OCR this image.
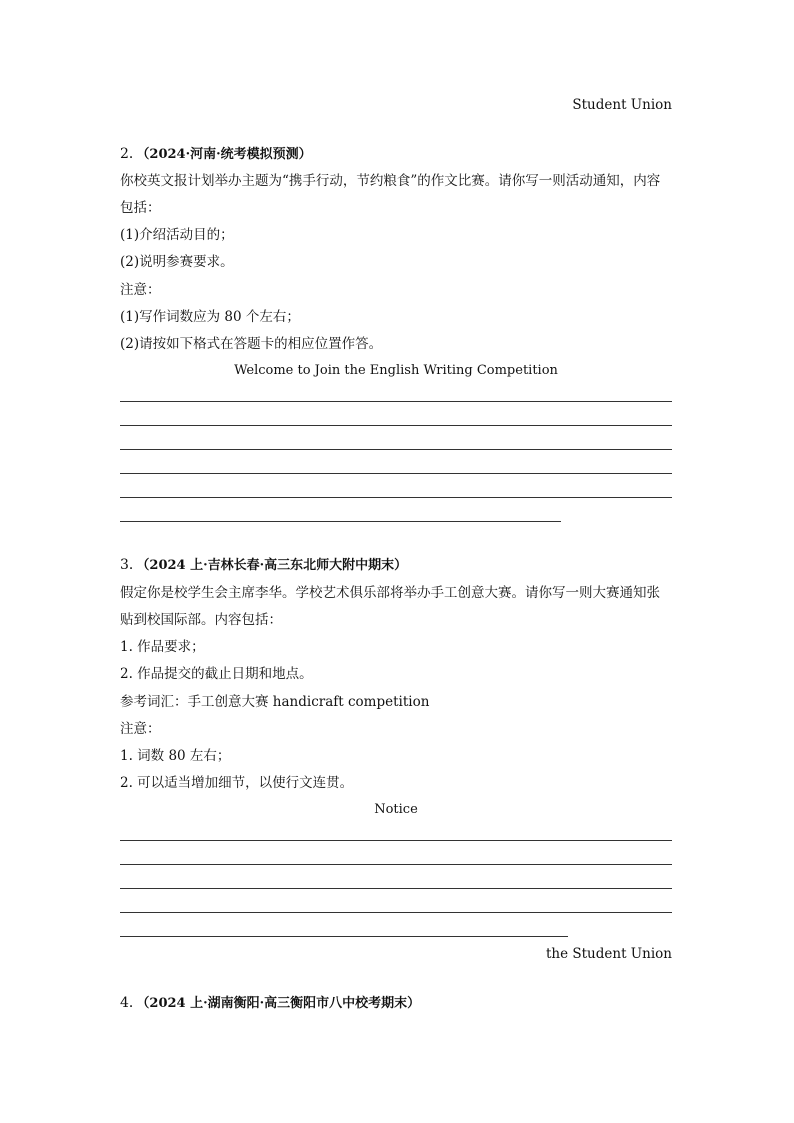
Student Union
2．（2024·河南·统考模拟预测）
你校英文报计划举办主题为“携手行动，节约粮食”的作文比赛。请你写一则活动通知，内容
包括：
(1)介绍活动目的；
(2)说明参赛要求。
注意：
(1)写作词数应为 80 个左右；
(2)请按如下格式在答题卡的相应位置作答。
Welcome to Join the English Writing Competition
3．（2024 上·吉林长春·高三东北师大附中期末）
假定你是校学生会主席李华。学校艺术俱乐部将举办手工创意大赛。请你写一则大赛通知张
贴到校国际部。内容包括：
1. 作品要求；
2. 作品提交的截止日期和地点。
参考词汇：手工创意大赛 handicraft competition
注意：
1. 词数 80 左右；
2. 可以适当增加细节，以使行文连贯。
Notice
the Student Union
4．（2024 上·湖南衡阳·高三衡阳市八中校考期末）
